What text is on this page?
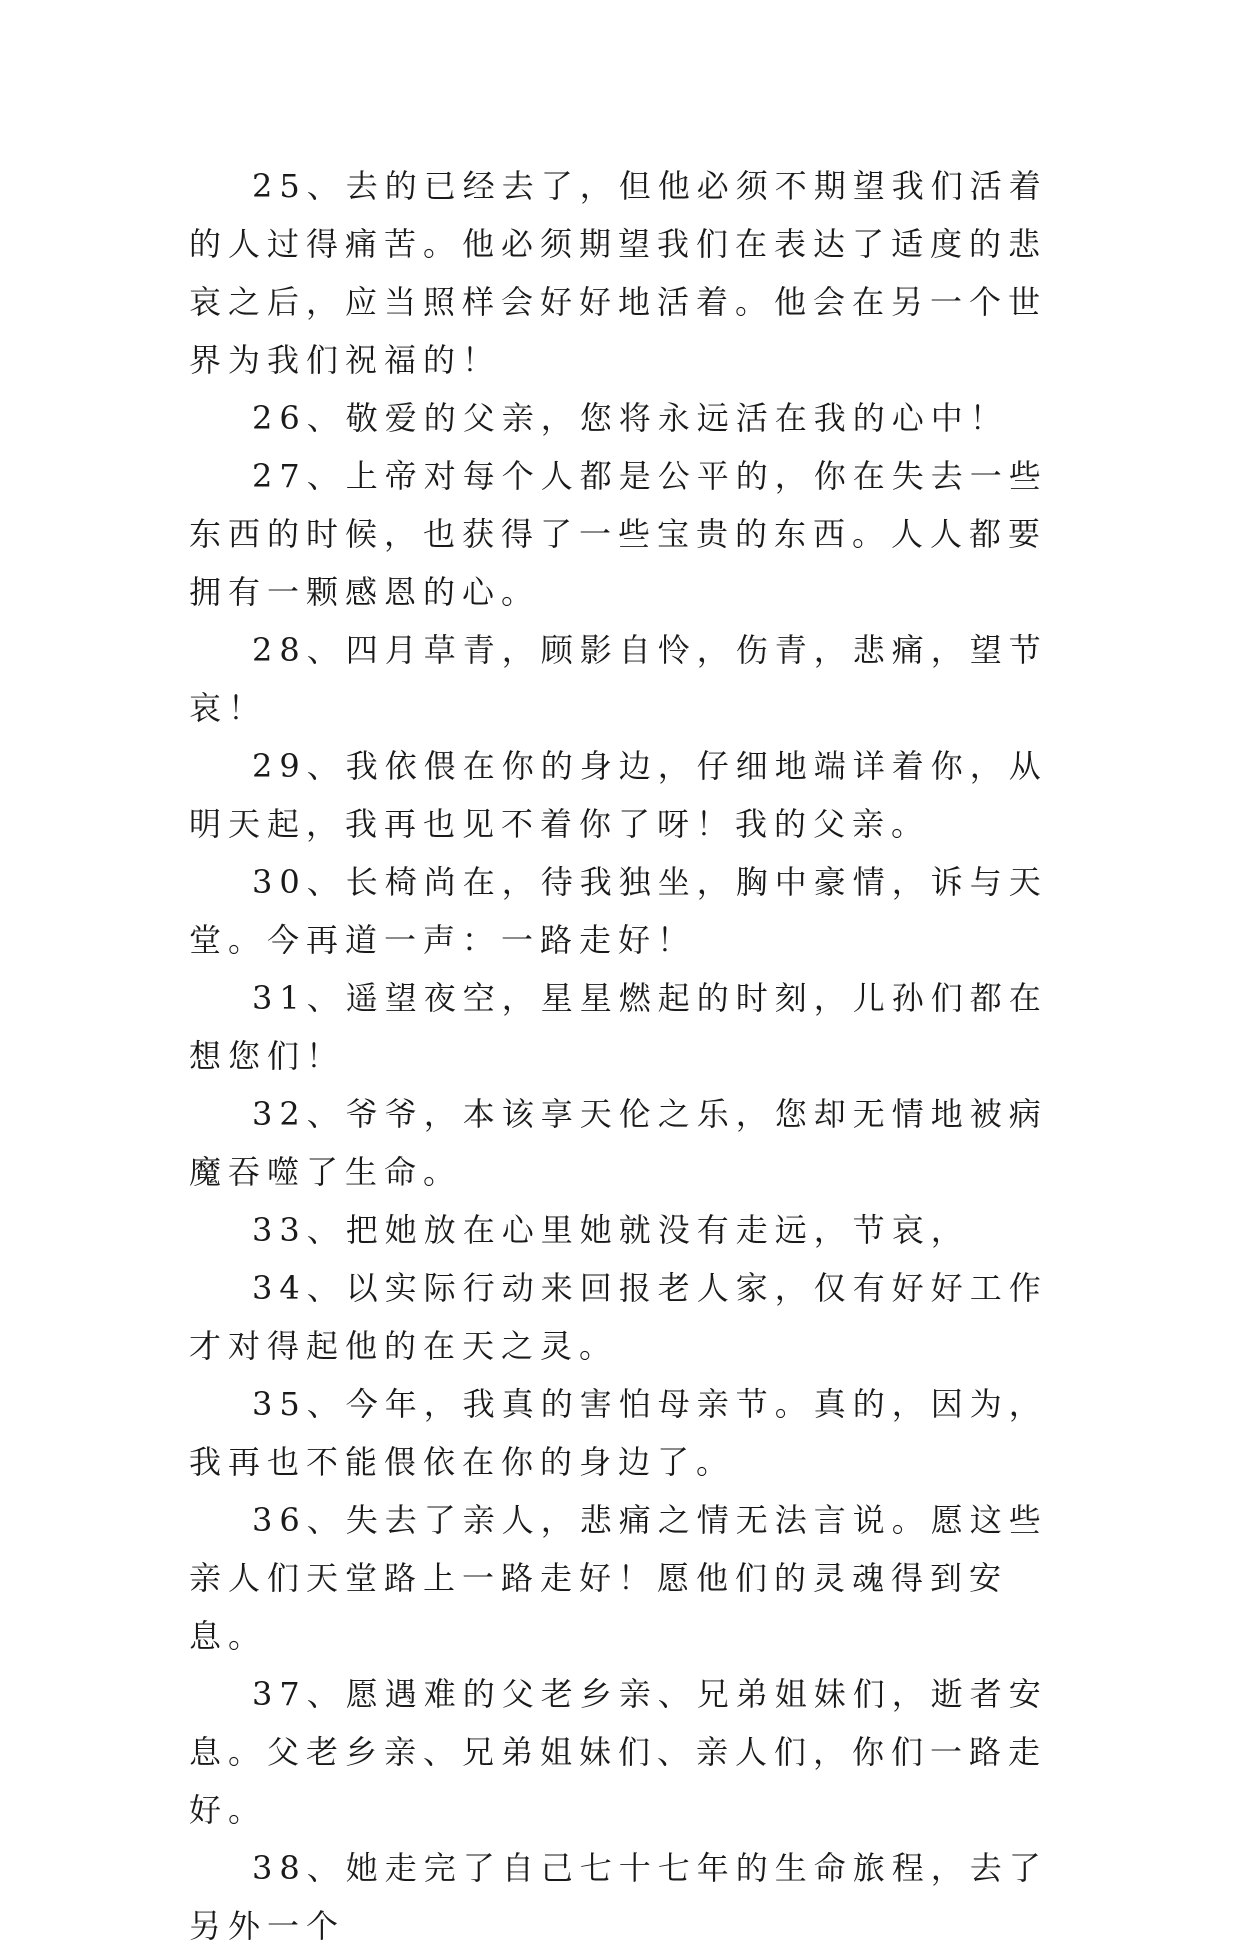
25、去的已经去了，但他必须不期望我们活着的人过得痛苦。他必须期望我们在表达了适度的悲哀之后，应当照样会好好地活着。他会在另一个世界为我们祝福的！

26、敬爱的父亲，您将永远活在我的心中！

27、上帝对每个人都是公平的，你在失去一些东西的时候，也获得了一些宝贵的东西。人人都要拥有一颗感恩的心。

28、四月草青，顾影自怜，伤青，悲痛，望节哀！

29、我依偎在你的身边，仔细地端详着你，从明天起，我再也见不着你了呀！我的父亲。

30、长椅尚在，待我独坐，胸中豪情，诉与天堂。今再道一声：一路走好！

31、遥望夜空，星星燃起的时刻，儿孙们都在想您们！

32、爷爷，本该享天伦之乐，您却无情地被病魔吞噬了生命。

33、把她放在心里她就没有走远，节哀，

34、以实际行动来回报老人家，仅有好好工作才对得起他的在天之灵。

35、今年，我真的害怕母亲节。真的，因为，我再也不能偎依在你的身边了。

36、失去了亲人，悲痛之情无法言说。愿这些亲人们天堂路上一路走好！愿他们的灵魂得到安息。

37、愿遇难的父老乡亲、兄弟姐妹们，逝者安息。父老乡亲、兄弟姐妹们、亲人们，你们一路走好。

38、她走完了自己七十七年的生命旅程，去了另外一个
